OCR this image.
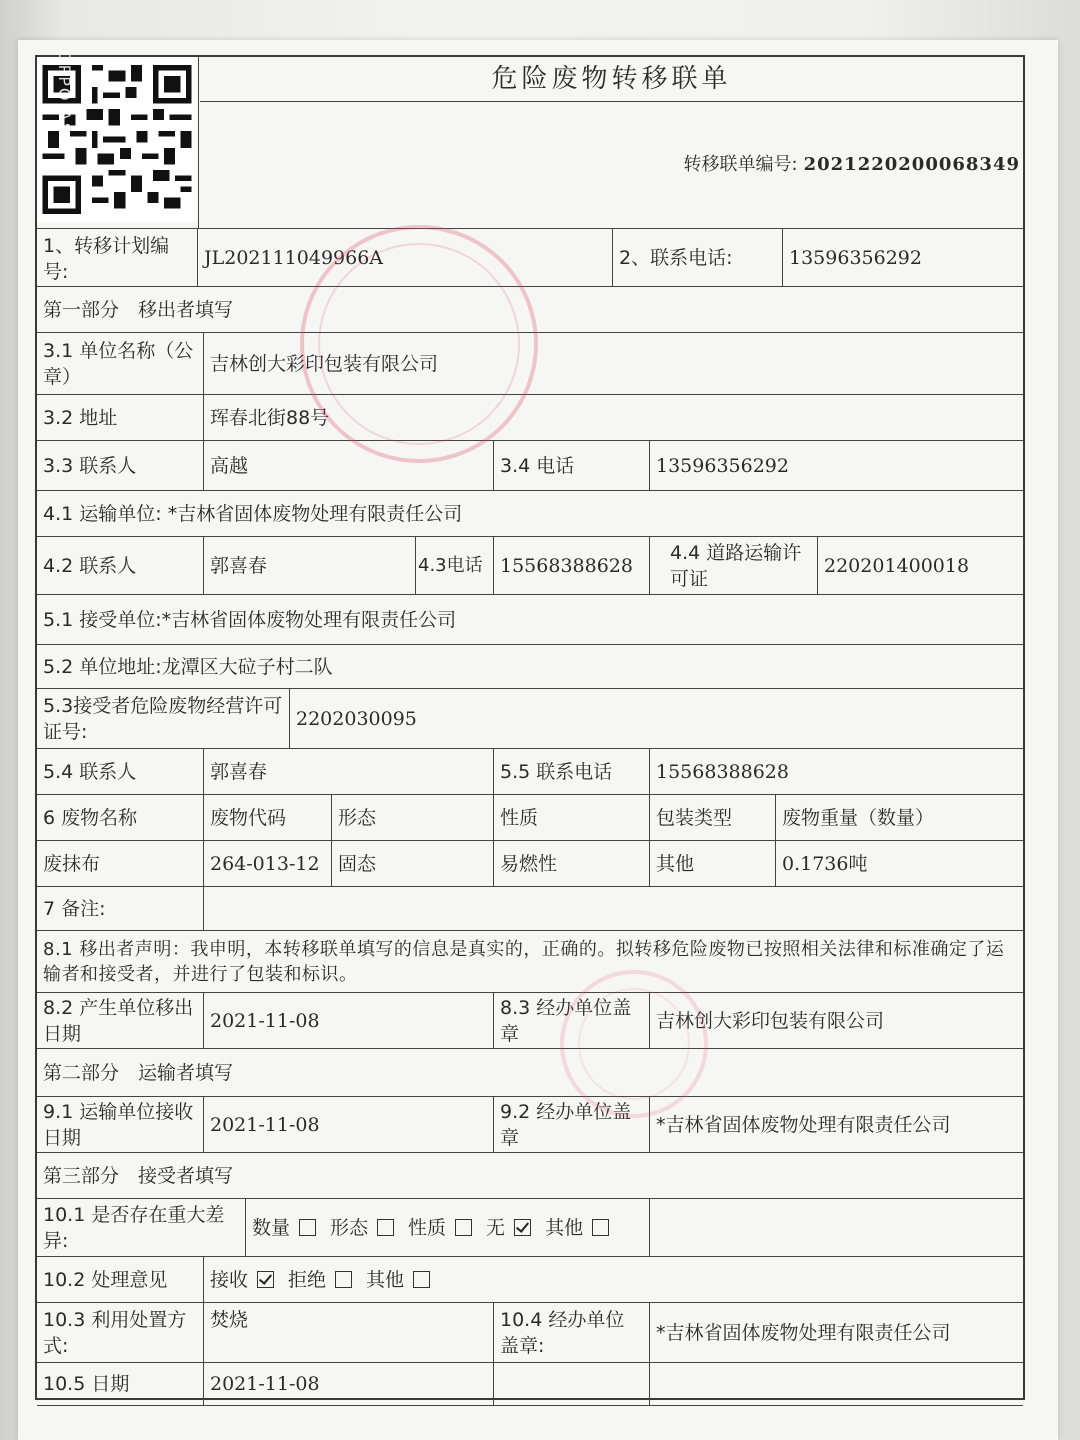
OPPO A8	危险废物转移联单
转移联单编号: 2021220200068349
1、转移计划编号:
JL202111049966A	2、联系电话:	13596356292
第一部分　移出者填写
3.1 单位名称（公章）
吉林创大彩印包装有限公司
3.2 地址	珲春北街88号
3.3 联系人	高越	3.4 电话	13596356292
4.1 运输单位:
*吉林省固体废物处理有限责任公司
4.2 联系人	郭喜春	4.3电话 15568388628
4.4 道路运输许可证
220201400018
5.1 接受单位: *吉林省固体废物处理有限责任公司
5.2 单位地址: 龙潭区大砬子村二队
5.3接受者危险废物经营许可证号:
2202030095
5.4 联系人	郭喜春	5.5 联系电话	15568388628
6 废物名称	废物代码	形态	性质	包装类型	废物重量（数量）
废抹布	264-013-12 固态	易燃性	其他	0.1736吨
7 备注:
8.1 移出者声明：我申明，本转移联单填写的信息是真实的，正确的。拟转移危险废物已按照相关法律和标准确定了运输者和接受者，并进行了包装和标识。
8.2 产生单位移出日期
2021-11-08
8.3 经办单位盖章
吉林创大彩印包装有限公司
第二部分　运输者填写
9.1 运输单位接收日期
2021-11-08
9.2 经办单位盖章
*吉林省固体废物处理有限责任公司
第三部分　接受者填写
10.1 是否存在重大差异:
数量 形态 性质 无 其他
10.2 处理意见	接收 拒绝 其他
10.3 利用处置方式:
焚烧	10.4 经办单位盖章:
*吉林省固体废物处理有限责任公司
10.5 日期	2021-11-08
